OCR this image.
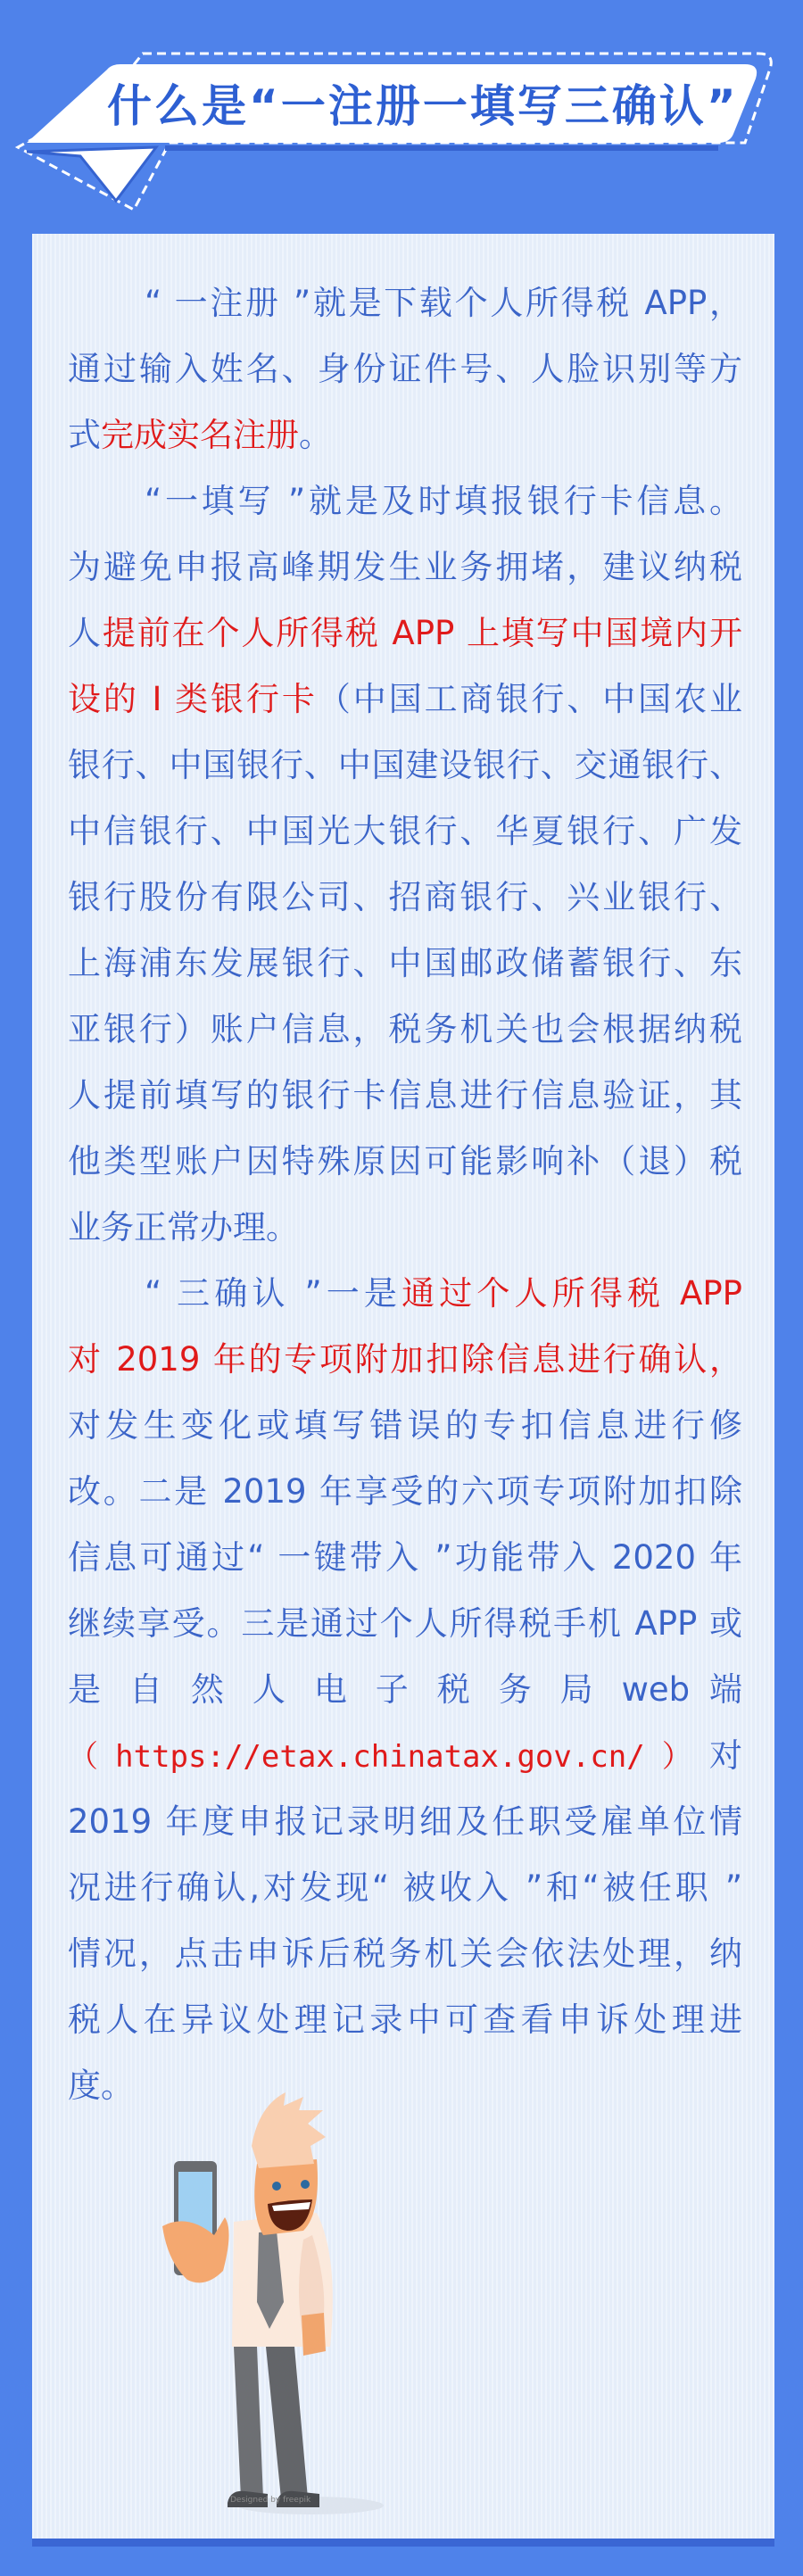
什么是“一注册一填写三确认”
“ 一注册 ”就是下载个人所得税 APP，
通过输入姓名、身份证件号、人脸识别等方
式完成实名注册。
“一填写 ”就是及时填报银行卡信息。
为避免申报高峰期发生业务拥堵，建议纳税
人提前在个人所得税 APP 上填写中国境内开
设的 I 类银行卡（中国工商银行、中国农业
银行、中国银行、中国建设银行、交通银行、
中信银行、中国光大银行、华夏银行、广发
银行股份有限公司、招商银行、兴业银行、
上海浦东发展银行、中国邮政储蓄银行、东
亚银行）账户信息，税务机关也会根据纳税
人提前填写的银行卡信息进行信息验证，其
他类型账户因特殊原因可能影响补（退）税
业务正常办理。
“ 三确认 ”一是通过个人所得税 APP
对 2019 年的专项附加扣除信息进行确认，
对发生变化或填写错误的专扣信息进行修
改。二是 2019 年享受的六项专项附加扣除
信息可通过“ 一键带入 ”功能带入 2020 年
继续享受。三是通过个人所得税手机 APP 或
是 自 然 人 电 子 税 务 局 web 端
（https://etax.chinatax.gov.cn/）对
2019 年度申报记录明细及任职受雇单位情
况进行确认,对发现“ 被收入 ”和“被任职 ”
情况，点击申诉后税务机关会依法处理，纳
税人在异议处理记录中可查看申诉处理进
度。
Designed by freepik
